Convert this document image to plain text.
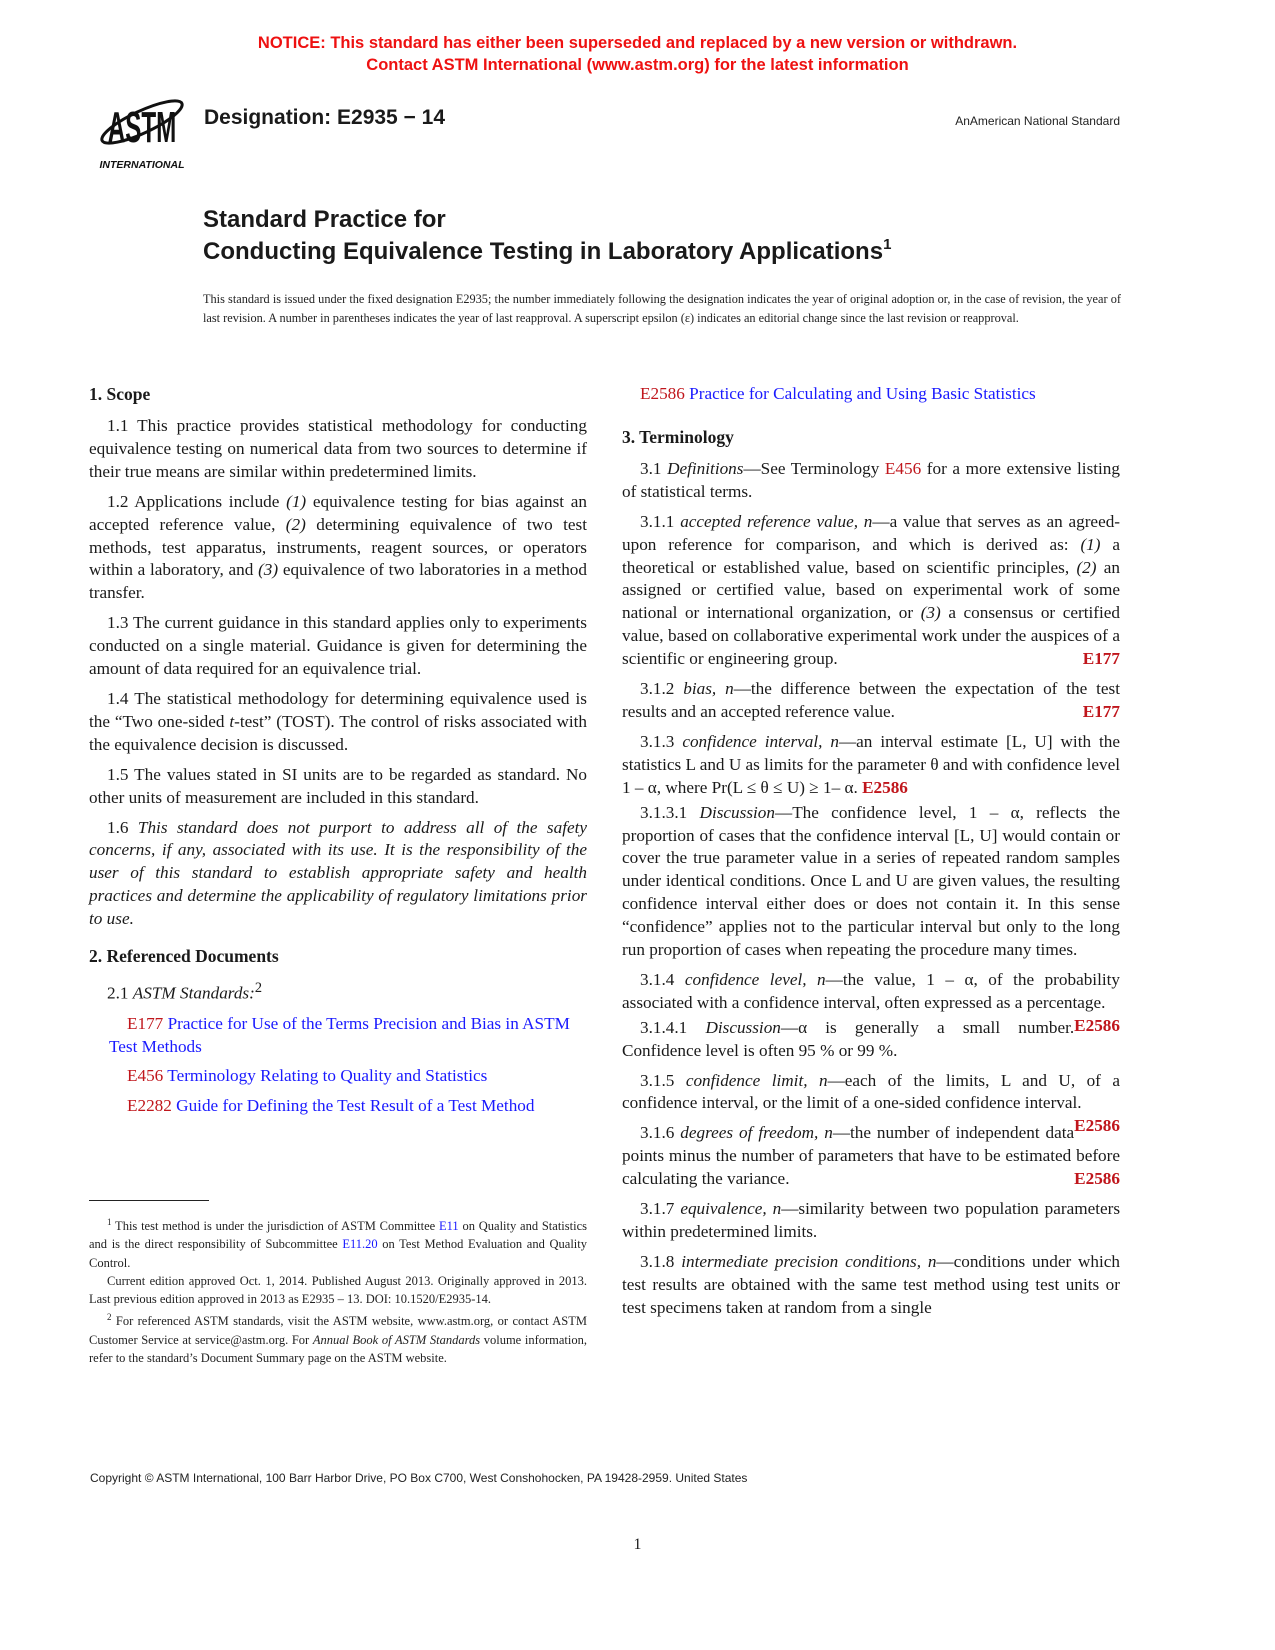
NOTICE: This standard has either been superseded and replaced by a new version or withdrawn.
Contact ASTM International (www.astm.org) for the latest information
ASTM
INTERNATIONAL
Designation: E2935 − 14	AnAmerican National Standard
Standard Practice for
Conducting Equivalence Testing in Laboratory Applications$^1$
This standard is issued under the fixed designation E2935; the number immediately following the designation indicates the year of original adoption or, in the case of revision, the year of last revision. A number in parentheses indicates the year of last reapproval. A superscript epsilon (ε) indicates an editorial change since the last revision or reapproval.
1. Scope

1.1 This practice provides statistical methodology for conducting equivalence testing on numerical data from two sources to determine if their true means are similar within predetermined limits.

1.2 Applications include (1) equivalence testing for bias against an accepted reference value, (2) determining equivalence of two test methods, test apparatus, instruments, reagent sources, or operators within a laboratory, and (3) equivalence of two laboratories in a method transfer.

1.3 The current guidance in this standard applies only to experiments conducted on a single material. Guidance is given for determining the amount of data required for an equivalence trial.

1.4 The statistical methodology for determining equivalence used is the “Two one-sided t-test” (TOST). The control of risks associated with the equivalence decision is discussed.

1.5 The values stated in SI units are to be regarded as standard. No other units of measurement are included in this standard.

1.6 This standard does not purport to address all of the safety concerns, if any, associated with its use. It is the responsibility of the user of this standard to establish appropriate safety and health practices and determine the applicability of regulatory limitations prior to use.

2. Referenced Documents

2.1 ASTM Standards:$^2$

E177 Practice for Use of the Terms Precision and Bias in ASTM Test Methods

E456 Terminology Relating to Quality and Statistics

E2282 Guide for Defining the Test Result of a Test Method

$^1$ This test method is under the jurisdiction of ASTM Committee E11 on Quality and Statistics and is the direct responsibility of Subcommittee E11.20 on Test Method Evaluation and Quality Control.

Current edition approved Oct. 1, 2014. Published August 2013. Originally approved in 2013. Last previous edition approved in 2013 as E2935 – 13. DOI: 10.1520/E2935-14.

$^2$ For referenced ASTM standards, visit the ASTM website, www.astm.org, or contact ASTM Customer Service at service@astm.org. For Annual Book of ASTM Standards volume information, refer to the standard’s Document Summary page on the ASTM website.

E2586 Practice for Calculating and Using Basic Statistics

3. Terminology

3.1 Definitions—See Terminology E456 for a more extensive listing of statistical terms.

3.1.1 accepted reference value, n—a value that serves as an agreed-upon reference for comparison, and which is derived as: (1) a theoretical or established value, based on scientific principles, (2) an assigned or certified value, based on experimental work of some national or international organization, or (3) a consensus or certified value, based on collaborative experimental work under the auspices of a scientific or engineering group.	E177

3.1.2 bias, n—the difference between the expectation of the test results and an accepted reference value.	E177

3.1.3 confidence interval, n—an interval estimate [L, U] with the statistics L and U as limits for the parameter θ and with confidence level 1 – α, where Pr(L ≤ θ ≤ U) ≥ 1– α. E2586

3.1.3.1 Discussion—The confidence level, 1 – α, reflects the proportion of cases that the confidence interval [L, U] would contain or cover the true parameter value in a series of repeated random samples under identical conditions. Once L and U are given values, the resulting confidence interval either does or does not contain it. In this sense “confidence” applies not to the particular interval but only to the long run proportion of cases when repeating the procedure many times.

3.1.4 confidence level, n—the value, 1 – α, of the probability associated with a confidence interval, often expressed as a percentage.
E2586

3.1.4.1 Discussion—α is generally a small number. Confidence level is often 95 % or 99 %.

3.1.5 confidence limit, n—each of the limits, L and U, of a confidence interval, or the limit of a one-sided confidence interval.
E2586

3.1.6 degrees of freedom, n—the number of independent data points minus the number of parameters that have to be estimated before calculating the variance.	E2586

3.1.7 equivalence, n—similarity between two population parameters within predetermined limits.

3.1.8 intermediate precision conditions, n—conditions under which test results are obtained with the same test method using test units or test specimens taken at random from a single

Copyright © ASTM International, 100 Barr Harbor Drive, PO Box C700, West Conshohocken, PA 19428-2959. United States
1
